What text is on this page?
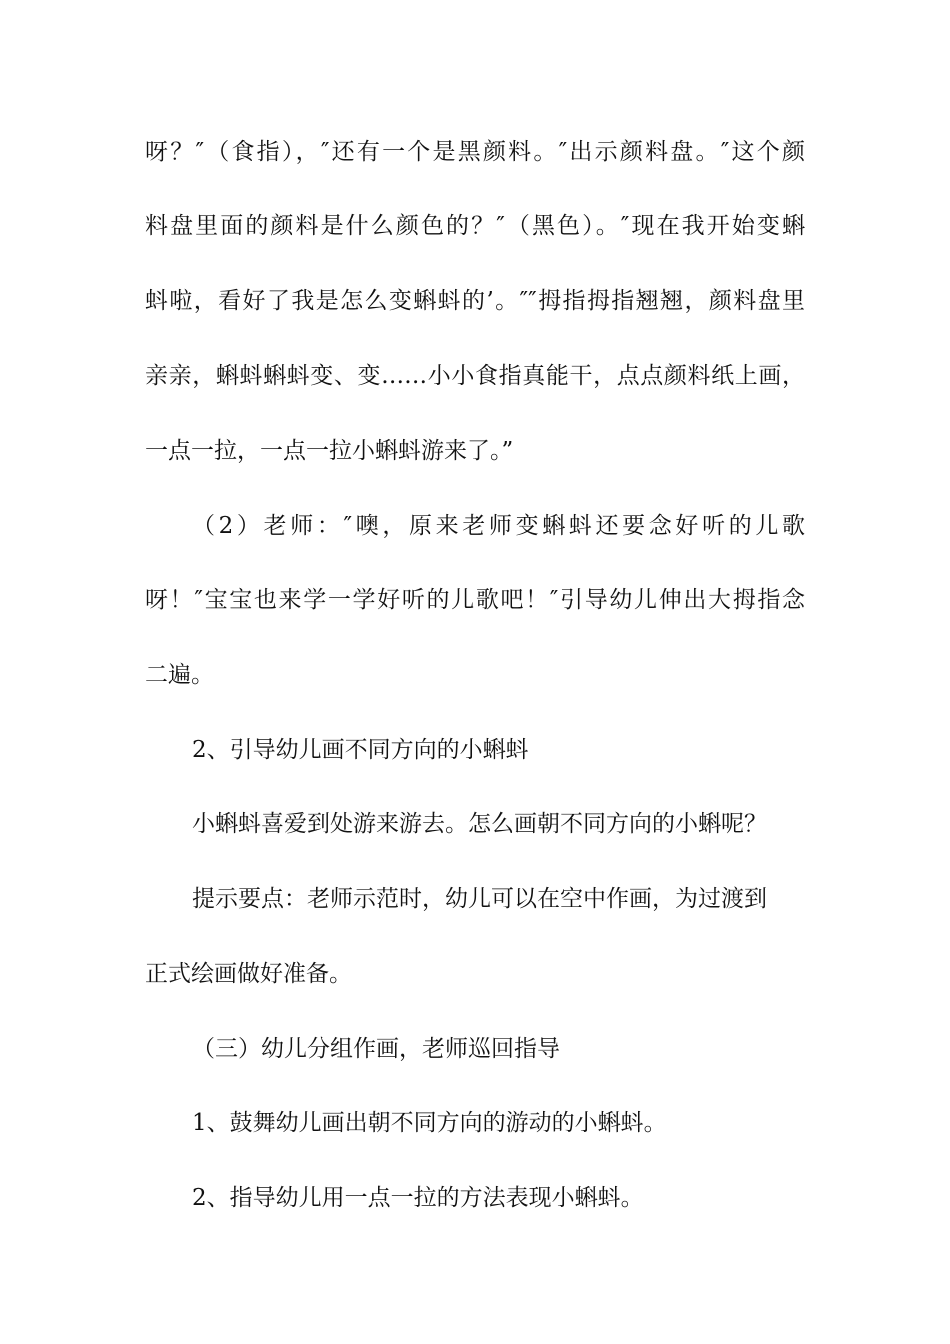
呀？″（食指），″还有一个是黑颜料。″出示颜料盘。″这个颜
料盘里面的颜料是什么颜色的？″（黑色）。″现在我开始变蝌
蚪啦，看好了我是怎么变蝌蚪的’。″″拇指拇指翘翘，颜料盘里
亲亲，蝌蚪蝌蚪变、变……小小食指真能干，点点颜料纸上画，
一点一拉，一点一拉小蝌蚪游来了。”
（2）老师：″噢，原来老师变蝌蚪还要念好听的儿歌
呀！″宝宝也来学一学好听的儿歌吧！″引导幼儿伸出大拇指念
二遍。
2、引导幼儿画不同方向的小蝌蚪
小蝌蚪喜爱到处游来游去。怎么画朝不同方向的小蝌呢？
提示要点：老师示范时，幼儿可以在空中作画，为过渡到
正式绘画做好准备。
（三）幼儿分组作画，老师巡回指导
1、鼓舞幼儿画出朝不同方向的游动的小蝌蚪。
2、指导幼儿用一点一拉的方法表现小蝌蚪。
